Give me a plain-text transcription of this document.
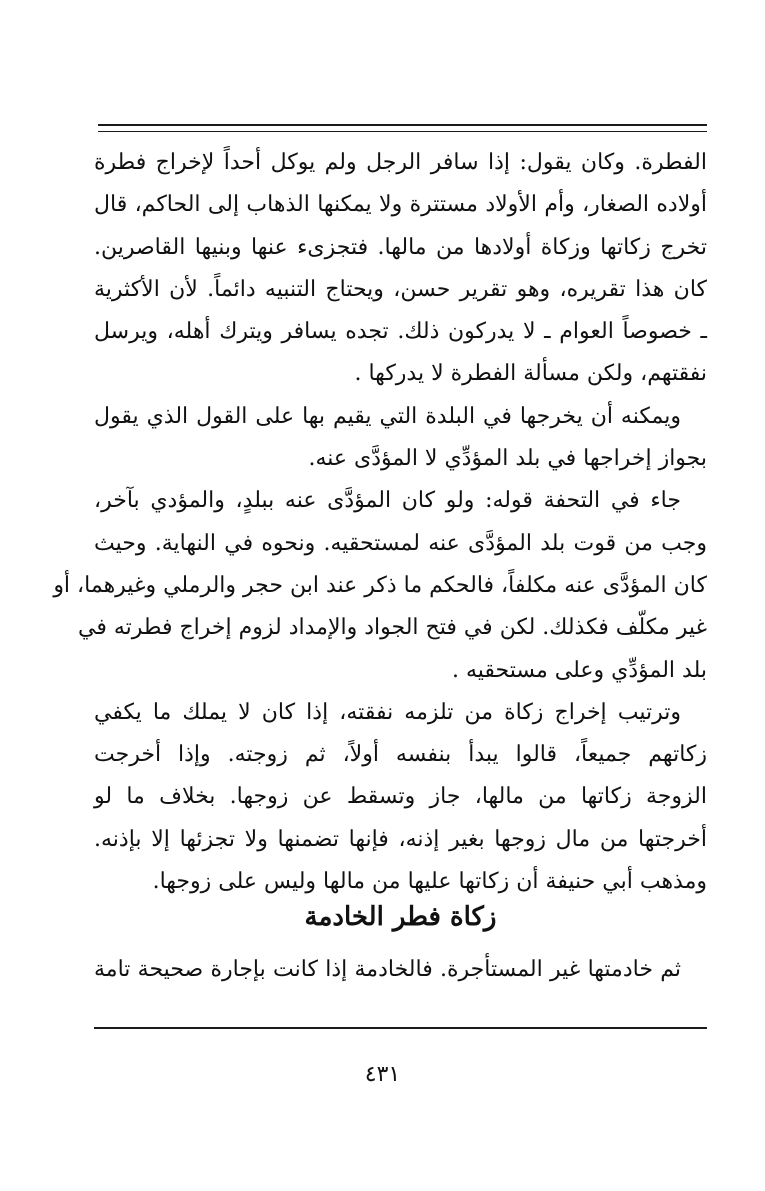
الفطرة. وكان يقول: إذا سافر الرجل ولم يوكل أحداً لإخراج فطرة
أولاده الصغار، وأم الأولاد مستترة ولا يمكنها الذهاب إلى الحاكم، قال
تخرج زكاتها وزكاة أولادها من مالها. فتجزىء عنها وبنيها القاصرين.
كان هذا تقريره، وهو تقرير حسن، ويحتاج التنبيه دائماً. لأن الأكثرية
ـ خصوصاً العوام ـ لا يدركون ذلك. تجده يسافر ويترك أهله، ويرسل
نفقتهم، ولكن مسألة الفطرة لا يدركها .
ويمكنه أن يخرجها في البلدة التي يقيم بها على القول الذي يقول
بجواز إخراجها في بلد المؤدِّي لا المؤدَّى عنه.
جاء في التحفة قوله: ولو كان المؤدَّى عنه ببلدٍ، والمؤدي بآخر،
وجب من قوت بلد المؤدَّى عنه لمستحقيه. ونحوه في النهاية. وحيث
كان المؤدَّى عنه مكلفاً، فالحكم ما ذكر عند ابن حجر والرملي وغيرهما، أو
غير مكلّف فكذلك. لكن في فتح الجواد والإمداد لزوم إخراج فطرته في
بلد المؤدِّي وعلى مستحقيه .
وترتيب إخراج زكاة من تلزمه نفقته، إذا كان لا يملك ما يكفي
زكاتهم جميعاً، قالوا يبدأ بنفسه أولاً، ثم زوجته. وإذا أخرجت
الزوجة زكاتها من مالها، جاز وتسقط عن زوجها. بخلاف ما لو
أخرجتها من مال زوجها بغير إذنه، فإنها تضمنها ولا تجزئها إلا بإذنه.
ومذهب أبي حنيفة أن زكاتها عليها من مالها وليس على زوجها.
زكاة فطر الخادمة
ثم خادمتها غير المستأجرة. فالخادمة إذا كانت بإجارة صحيحة تامة
٤٣١
